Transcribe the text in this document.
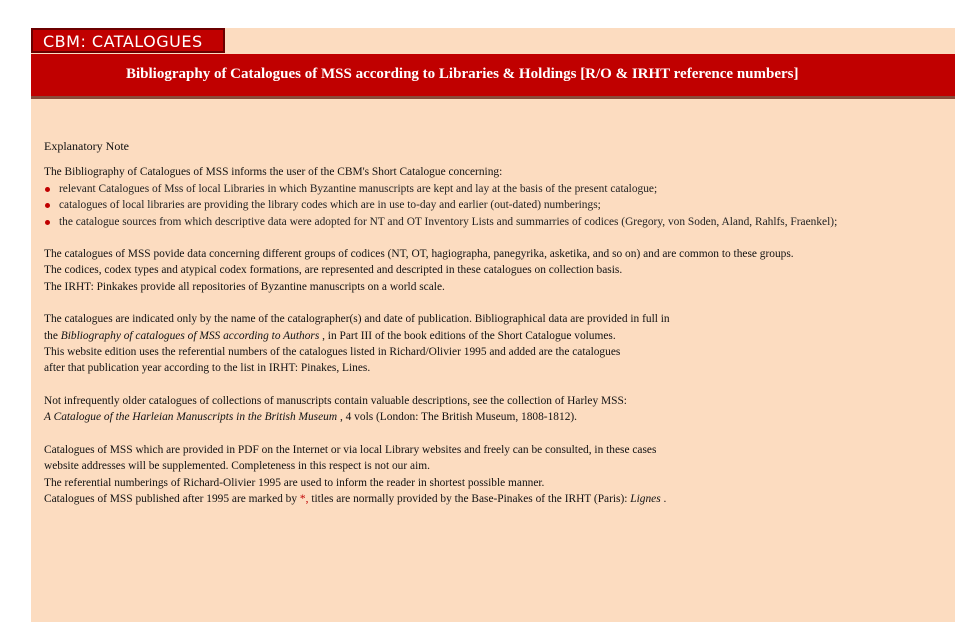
CBM: CATALOGUES
Bibliography of Catalogues of MSS according to Libraries & Holdings [R/O & IRHT reference numbers]
Explanatory Note
The Bibliography of Catalogues of MSS informs the user of the CBM's Short Catalogue concerning:
relevant Catalogues of Mss of local Libraries in which Byzantine manuscripts are kept and lay at the basis of the present catalogue;
catalogues of local libraries are providing the library codes which are in use to-day and earlier (out-dated) numberings;
the catalogue sources from which descriptive data were adopted for NT and OT Inventory Lists and summarries of codices (Gregory, von Soden, Aland, Rahlfs, Fraenkel);
The catalogues of MSS povide data concerning different groups of codices (NT, OT, hagiographa, panegyrika, asketika, and so on) and are common to these groups.
The codices, codex types and atypical codex formations, are represented and descripted in these catalogues on collection basis.
The IRHT: Pinkakes provide all repositories of Byzantine manuscripts on a world scale.
The catalogues are indicated only by the name of the catalographer(s) and date of publication. Bibliographical data are provided in full in
the Bibliography of catalogues of MSS according to Authors , in Part III of the book editions of the Short Catalogue volumes.
This website edition uses the referential numbers of the catalogues listed in Richard/Olivier 1995 and added are the catalogues
after that publication year according to the list in IRHT: Pinakes, Lines.
Not infrequently older catalogues of collections of manuscripts contain valuable descriptions, see the collection of Harley MSS:
A Catalogue of the Harleian Manuscripts in the British Museum , 4 vols (London: The British Museum, 1808-1812).
Catalogues of MSS which are provided in PDF on the Internet or via local Library websites and freely can be consulted, in these cases
website addresses will be supplemented. Completeness in this respect is not our aim.
The referential numberings of Richard-Olivier 1995 are used to inform the reader in shortest possible manner.
Catalogues of MSS published after 1995 are marked by *, titles are normally provided by the Base-Pinakes of the IRHT (Paris): Lignes .
